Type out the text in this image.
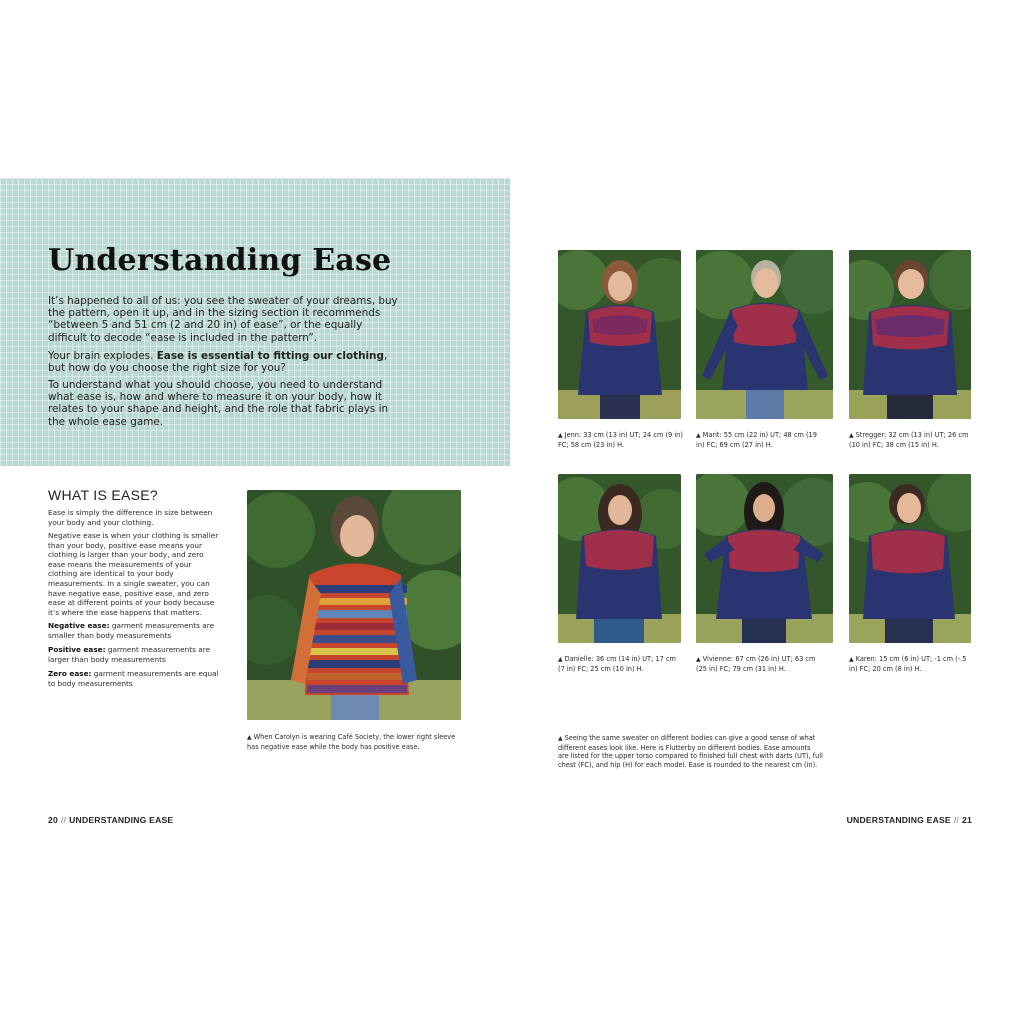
Understanding Ease

It’s happened to all of us: you see the sweater of your dreams, buy the pattern, open it up, and in the sizing section it recommends “between 5 and 51 cm (2 and 20 in) of ease”, or the equally difficult to decode “ease is included in the pattern”.

Your brain explodes. Ease is essential to fitting our clothing, but how do you choose the right size for you?

To understand what you should choose, you need to understand what ease is, how and where to measure it on your body, how it relates to your shape and height, and the role that fabric plays in the whole ease game.

WHAT IS EASE?

Ease is simply the difference in size between your body and your clothing.

Negative ease is when your clothing is smaller than your body, positive ease means your clothing is larger than your body, and zero ease means the measurements of your clothing are identical to your body measurements. In a single sweater, you can have negative ease, positive ease, and zero ease at different points of your body because it’s where the ease happens that matters.

Negative ease: garment measurements are smaller than body measurements

Positive ease: garment measurements are larger than body measurements

Zero ease: garment measurements are equal to body measurements

▲ When Carolyn is wearing Café Society, the lower right sleeve has negative ease while the body has positive ease.

20 // UNDERSTANDING EASE

▲ Jenn: 33 cm (13 in) UT; 24 cm (9 in) FC; 58 cm (23 in) H.

▲ Marit: 55 cm (22 in) UT; 48 cm (19 in) FC; 69 cm (27 in) H.

▲ Stregger: 32 cm (13 in) UT; 26 cm (10 in) FC; 38 cm (15 in) H.

▲ Danielle: 36 cm (14 in) UT; 17 cm (7 in) FC; 25 cm (10 in) H.

▲ Vivienne: 67 cm (26 in) UT; 63 cm (25 in) FC; 79 cm (31 in) H.

▲ Karen: 15 cm (6 in) UT; -1 cm (-.5 in) FC; 20 cm (8 in) H.

▲ Seeing the same sweater on different bodies can give a good sense of what different eases look like. Here is Flutterby on different bodies. Ease amounts are listed for the upper torso compared to finished full chest with darts (UT), full chest (FC), and hip (H) for each model. Ease is rounded to the nearest cm (in).

UNDERSTANDING EASE // 21
